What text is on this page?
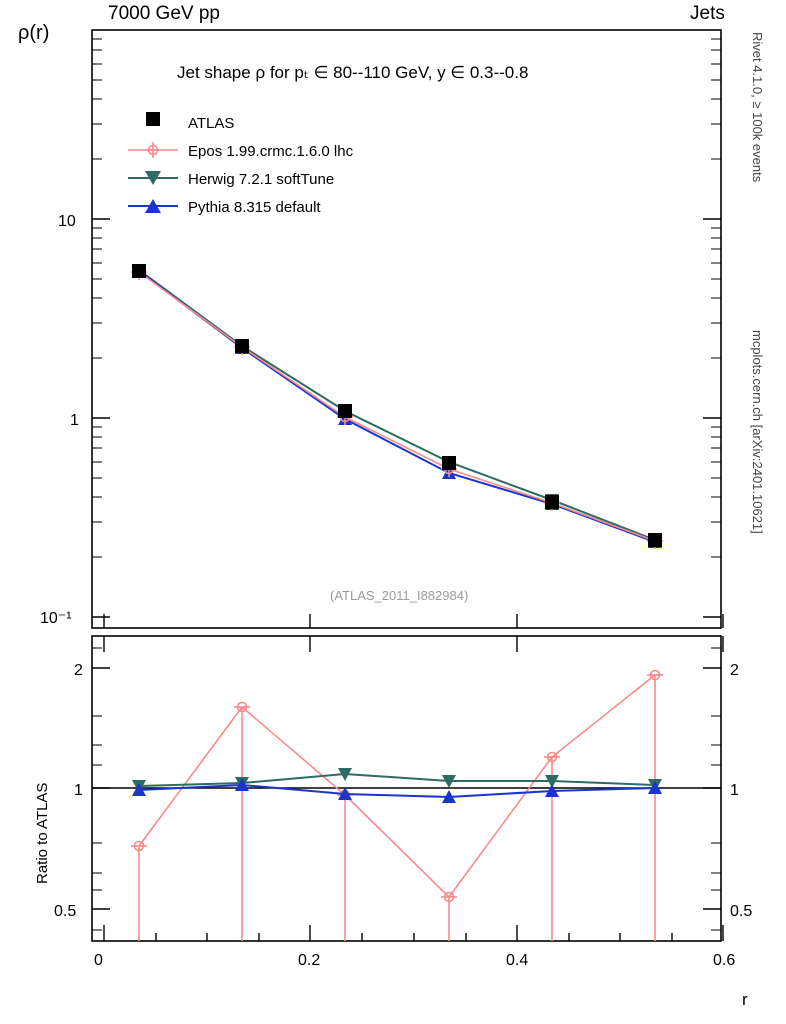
7000 GeV pp	Jets
Rivet 4.1.0, ≥ 100k events
mcplots.cern.ch [arXiv:2401.10621]
ρ(r)
Ratio to ATLAS
r
Jet shape ρ for pₜ ∈ 80--110 GeV, y ∈ 0.3--0.8
(ATLAS_2011_I882984)
10⁻¹
1
10
0.5
1
2
0.5
1
2
0	0.2	0.4	0.6
ATLAS
Epos 1.99.crmc.1.6.0 lhc
Herwig 7.2.1 softTune
Pythia 8.315 default
